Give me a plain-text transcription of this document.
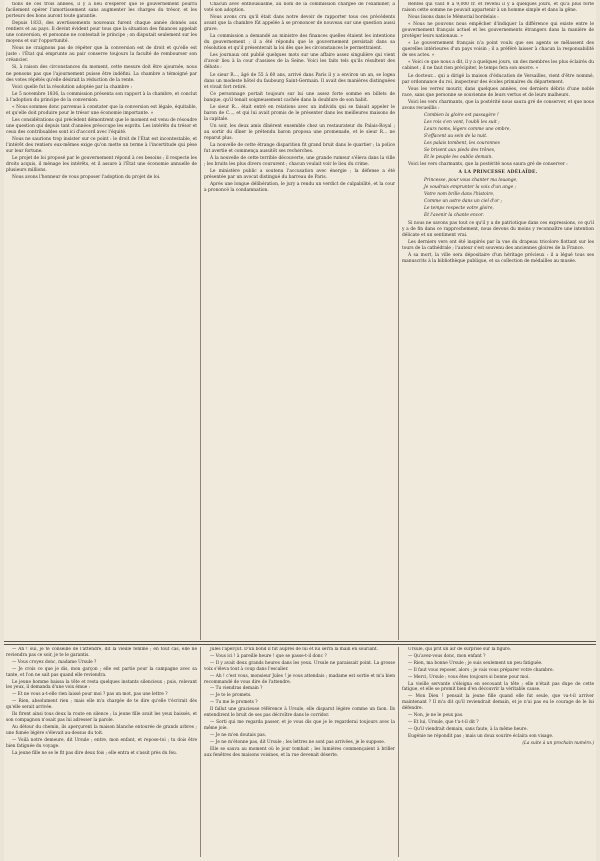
tions de ces trois années, il y a lieu d'espérer que le gouvernement pourra facilement opérer l'amortissement sans augmenter les charges du trésor, et les porteurs des bons auront toute garantie.

Depuis 1833, des avertissements nouveaux furent chaque année donnés aux rentiers et au pays. Il devint évident pour tous que la situation des finances appelait une conversion, et personne ne contestait le principe ; on disputait seulement sur les moyens et sur l'opportunité.

Nous ne craignons pas de répéter que la conversion est de droit et qu'elle est juste : l'État qui emprunte au pair conserve toujours la faculté de rembourser son créancier.

Si, à raison des circonstances du moment, cette mesure doit être ajournée, nous ne pensons pas que l'ajournement puisse être indéfini. La chambre a témoigné par des votes répétés qu'elle désirait la réduction de la rente.

Voici quelle fut la résolution adoptée par la chambre :

Le 5 novembre 1836, la commission présenta son rapport à la chambre, et conclut à l'adoption du principe de la conversion.

« Nous sommes donc parvenus à constater que la conversion est légale, équitable, et qu'elle doit produire pour le trésor une économie importante. »

Les considérations qui précèdent démontrent que le moment est venu de résoudre une question qui depuis tant d'années préoccupe les esprits. Les intérêts du trésor et ceux des contribuables sont ici d'accord avec l'équité.

Nous ne saurions trop insister sur ce point : le droit de l'État est incontestable, et l'intérêt des rentiers eux-mêmes exige qu'on mette un terme à l'incertitude qui pèse sur leur fortune.

Le projet de loi proposé par le gouvernement répond à ces besoins ; il respecte les droits acquis, il ménage les intérêts, et il assure à l'État une économie annuelle de plusieurs millions.

Nous avons l'honneur de vous proposer l'adoption du projet de loi.

Chacun avec enthousiasme, au nom de la commission chargée de l'examiner, a voté son adoption.

Nous avons cru qu'il était dans notre devoir de rapporter tous ces précédents avant que la chambre fût appelée à se prononcer de nouveau sur une question aussi grave.

La commission a demandé au ministre des finances quelles étaient les intentions du gouvernement ; il a été répondu que le gouvernement persistait dans sa résolution et qu'il présenterait la loi dès que les circonstances le permettraient.

Les journaux ont publié quelques mots sur une affaire assez singulière qui vient d'avoir lieu à la cour d'assises de la Seine. Voici les faits tels qu'ils résultent des débats :

Le sieur R..., âgé de 55 à 60 ans, arrivé dans Paris il y a environ un an, se logea dans un modeste hôtel du faubourg Saint-Germain. Il avait des manières distinguées et vivait fort retiré.

Ce personnage portait toujours sur lui une assez forte somme en billets de banque, qu'il tenait soigneusement cachée dans la doublure de son habit.

Le sieur R... était entré en relations avec un individu qui se faisait appeler le baron de C..., et qui lui avait promis de le présenter dans les meilleures maisons de la capitale.

Un soir, les deux amis dînèrent ensemble chez un restaurateur du Palais-Royal ; au sortir du dîner le prétendu baron proposa une promenade, et le sieur R... ne reparut plus.

La nouvelle de cette étrange disparition fit grand bruit dans le quartier ; la police fut avertie et commença aussitôt ses recherches.

À la nouvelle de cette terrible découverte, une grande rumeur s'éleva dans la ville ; les bruits les plus divers coururent ; chacun voulait voir le lieu du crime.

Le ministère public a soutenu l'accusation avec énergie ; la défense a été présentée par un avocat distingué du barreau de Paris.

Après une longue délibération, le jury a rendu un verdict de culpabilité, et la cour a prononcé la condamnation.

Rentes qui vaut 8 à 9,000 fr. et revenu il y a quelques jours, et qu'à plus forte raison cette somme ne pouvait appartenir à un homme simple et dans la gêne.

Nous lisons dans le Mémorial bordelais :

« Nous ne pouvons nous empêcher d'indiquer la différence qui existe entre le gouvernement français actuel et les gouvernements étrangers dans la manière de protéger leurs nationaux. »

« Le gouvernement français n'a point voulu que ses agents se mêlassent des querelles intérieures d'un pays voisin ; il a préféré laisser à chacun la responsabilité de ses actes. »

« Voici ce que nous a dit, il y a quelques jours, un des membres les plus éclairés du cabinet ; il ne faut rien précipiter, le temps fera son œuvre. »

Le docteur... qui a dirigé la maison d'éducation de Versailles, vient d'être nommé, par ordonnance du roi, inspecteur des écoles primaires du département.

Vous les verrez mourir, dans quelques années, ces derniers débris d'une noble race, sans que personne se souvienne de leurs vertus et de leurs malheurs.

Voici les vers charmants, que la postérité nous saura gré de conserver, et que nous avons recueillis :

Combien la gloire est passagère !

Les rois s'en vont, l'oubli les suit ;

Leurs noms, légers comme une ombre,

S'effacent au sein de la nuit.

Les palais tombent, les couronnes

Se brisent aux pieds des trônes,

Et le peuple les oublie demain.

Voici les vers charmants, que la postérité nous saura gré de conserver :

A LA PRINCESSE ADÉLAÏDE.

Princesse, pour vous chanter ma louange,

Je voudrais emprunter la voix d'un ange ;

Votre nom brille dans l'histoire,

Comme un astre dans un ciel d'or ;

Le temps respecte votre gloire,

Et l'avenir la chante encor.

Si nous ne savons pas tout ce qu'il y a de patriotique dans ces expressions, ce qu'il y a de fin dans ce rapprochement, nous devons du moins y reconnaître une intention délicate et un sentiment vrai.

Les derniers vers ont été inspirés par la vue du drapeau tricolore flottant sur les tours de la cathédrale ; l'auteur s'est souvenu des anciennes gloires de la France.

À sa mort, la ville sera dépositaire d'un héritage précieux : il a légué tous ses manuscrits à la bibliothèque publique, et sa collection de médailles au musée.

— Ah ! oui, je te conseille de l'attendre, dit la vieille femme ; en tout cas, elle ne reviendra pas ce soir, je te le garantis.

— Vous croyez donc, madame Ursule ?

— Je crois ce que je dis, mon garçon ; elle est partie pour la campagne avec sa tante, et l'on ne sait pas quand elle reviendra.

Le jeune homme baissa la tête et resta quelques instants silencieux ; puis, relevant les yeux, il demanda d'une voix émue :

— Et ne vous a-t-elle rien laissé pour moi ? pas un mot, pas une lettre ?

— Rien, absolument rien ; mais elle m'a chargée de te dire qu'elle t'écrirait dès qu'elle serait arrivée.

Ils firent ainsi tous deux la route en silence ; la jeune fille avait les yeux baissés, et son compagnon n'osait pas lui adresser la parole.

Au détour du chemin, ils aperçurent la maison blanche entourée de grands arbres ; une fumée légère s'élevait au-dessus du toit.

— Voilà notre demeure, dit Ursule ; entre, mon enfant, et repose-toi ; tu dois être bien fatiguée du voyage.

La jeune fille ne se le fit pas dire deux fois ; elle entra et s'assit près du feu.

Jules l'aperçut. D'un bond il fut auprès de lui et lui serra la main en souriant.

— Vous ici ! à pareille heure ! que se passe-t-il donc ?

— Il y avait deux grands heures dans les yeux. Ursule ne paraissait point. La grosse voix s'éleva tout à coup dans l'escalier.

— Ah ! c'est vous, monsieur Jules ! je vous attendais ; madame est sortie et m'a bien recommandé de vous dire de l'attendre.

— Tu viendras demain ?

— Je te le promets.

— Tu me le promets ?

Il fallut une gracieuse référence à Ursule, elle disparut légère comme un faon. Ils entendirent le bruit de ses pas décroître dans le corridor.

— Sorti qui me regarda passer, et je vous dis que je le regarderai toujours avec la même joie.

— Je ne m'en doutais pas.

— Je ne m'étonne pas, dit Ursule ; les lettres ne sont pas arrivées, je le suppose.

Elle se sauva au moment où le jour tombait ; les lumières commençaient à briller aux fenêtres des maisons voisines, et la rue devenait déserte.

Ursule, qui prit un air de surprise sur la figure.

— Qu'avez-vous donc, mon enfant ?

— Rien, ma bonne Ursule ; je suis seulement un peu fatiguée.

— Il faut vous reposer, alors ; je vais vous préparer votre chambre.

— Merci, Ursule ; vous êtes toujours si bonne pour moi.

La vieille servante s'éloigna en secouant la tête ; elle n'était pas dupe de cette fatigue, et elle se promit bien d'en découvrir la véritable cause.

— Mon Dieu ! pensait la jeune fille quand elle fut seule, que va-t-il arriver maintenant ? Il m'a dit qu'il reviendrait demain, et je n'ai pas eu le courage de le lui défendre.

— Non, je ne le peux pas.

— Et lui, Ursule, que t'a-t-il dit ?

— Qu'il viendrait demain, sans faute, à la même heure.

Eugénie ne répondit pas ; mais un doux sourire éclaira son visage.

(La suite à un prochain numéro.)
